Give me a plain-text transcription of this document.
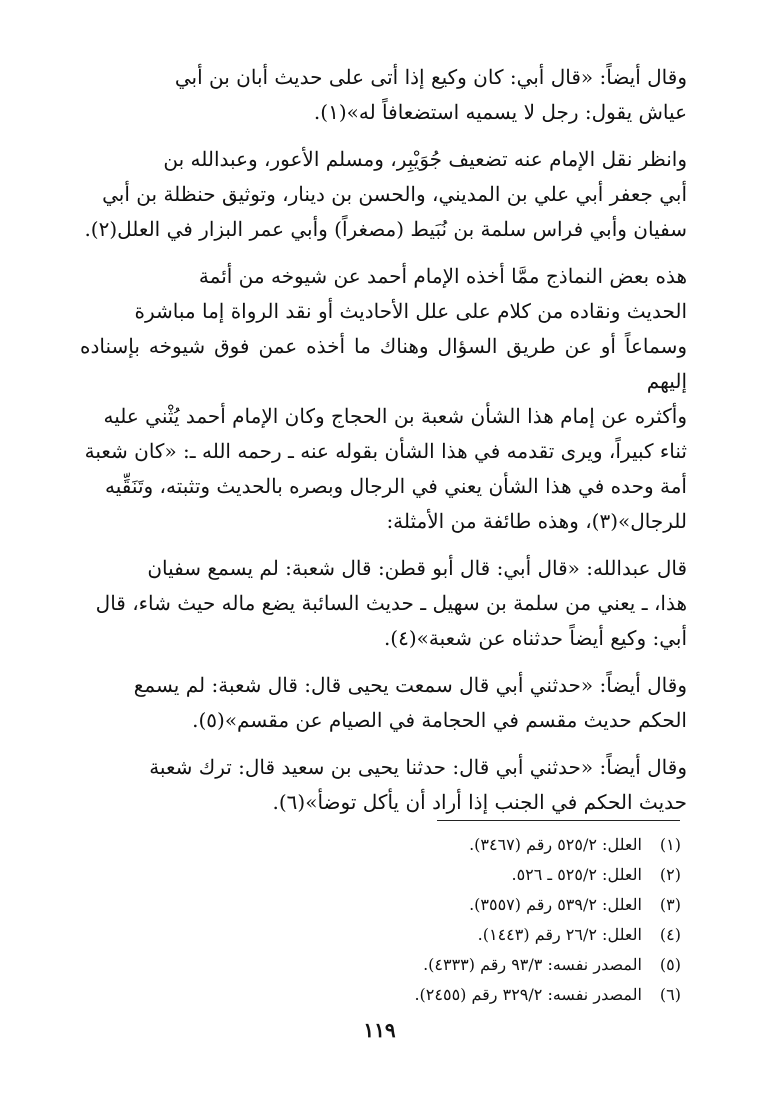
وقال أيضاً: «قال أبي: كان وكيع إذا أتى على حديث أبان بن أبي
عياش يقول: رجل لا يسميه استضعافاً له»(١).

وانظر نقل الإمام عنه تضعيف جُوَيْبِر، ومسلم الأعور، وعبدالله بن
أبي جعفر أبي علي بن المديني، والحسن بن دينار، وتوثيق حنظلة بن أبي
سفيان وأبي فراس سلمة بن نُبَيط (مصغراً) وأبي عمر البزار في العلل(٢).

هذه بعض النماذج ممَّا أخذه الإمام أحمد عن شيوخه من أئمة
الحديث ونقاده من كلام على علل الأحاديث أو نقد الرواة إما مباشرة
وسماعاً أو عن طريق السؤال وهناك ما أخذه عمن فوق شيوخه بإسناده إليهم
وأكثره عن إمام هذا الشأن شعبة بن الحجاج وكان الإمام أحمد يُثْني عليه
ثناء كبيراً، ويرى تقدمه في هذا الشأن بقوله عنه ـ رحمه الله ـ: «كان شعبة
أمة وحده في هذا الشأن يعني في الرجال وبصره بالحديث وتثبته، وتَنَقِّيه
للرجال»(٣)، وهذه طائفة من الأمثلة:

قال عبدالله: «قال أبي: قال أبو قطن: قال شعبة: لم يسمع سفيان
هذا، ـ يعني من سلمة بن سهيل ـ حديث السائبة يضع ماله حيث شاء، قال
أبي: وكيع أيضاً حدثناه عن شعبة»(٤).

وقال أيضاً: «حدثني أبي قال سمعت يحيى قال: قال شعبة: لم يسمع
الحكم حديث مقسم في الحجامة في الصيام عن مقسم»(٥).

وقال أيضاً: «حدثني أبي قال: حدثنا يحيى بن سعيد قال: ترك شعبة
حديث الحكم في الجنب إذا أراد أن يأكل توضأ»(٦).

(١) العلل: ٥٢٥/٢ رقم (٣٤٦٧).
(٢) العلل: ٥٢٥/٢ ـ ٥٢٦.
(٣) العلل: ٥٣٩/٢ رقم (٣٥٥٧).
(٤) العلل: ٢٦/٢ رقم (١٤٤٣).
(٥) المصدر نفسه: ٩٣/٣ رقم (٤٣٣٣).
(٦) المصدر نفسه: ٣٢٩/٢ رقم (٢٤٥٥).
١١٩
